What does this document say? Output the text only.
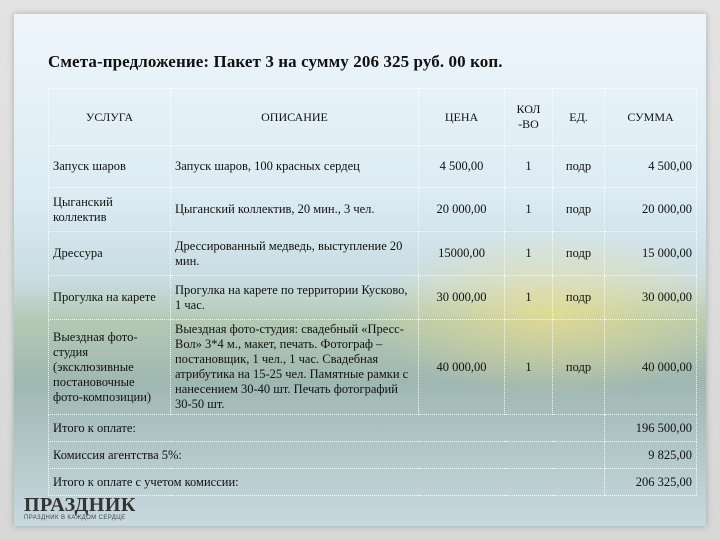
Смета-предложение: Пакет 3 на сумму 206 325 руб. 00 коп.
УСЛУГА	ОПИСАНИЕ	ЦЕНА	КОЛ -ВО	ЕД.	СУММА
Запуск шаров	Запуск шаров, 100 красных сердец	4 500,00	1	подр	4 500,00
Цыганский коллектив	Цыганский коллектив, 20 мин., 3 чел.	20 000,00	1	подр	20 000,00
Дрессура	Дрессированный медведь, выступление 20 мин.	15000,00	1	подр	15 000,00
Прогулка на карете	Прогулка на карете по территории Кусково, 1 час.	30 000,00	1	подр	30 000,00
Выездная фото-студия (эксклюзивные постановочные фото-композиции)	Выездная фото-студия: свадебный «Пресс-Вол» 3*4 м., макет, печать. Фотограф – постановщик, 1 чел., 1 час. Свадебная атрибутика на 15-25 чел. Памятные рамки с нанесением 30-40 шт. Печать фотографий 30-50 шт.	40 000,00	1	подр	40 000,00
Итого к оплате:					196 500,00
Комиссия агентства 5%:					9 825,00
Итого к оплате с учетом комиссии:					206 325,00
ПРАЗДНИК
ПРАЗДНИК В КАЖДОМ СЕРДЦЕ
